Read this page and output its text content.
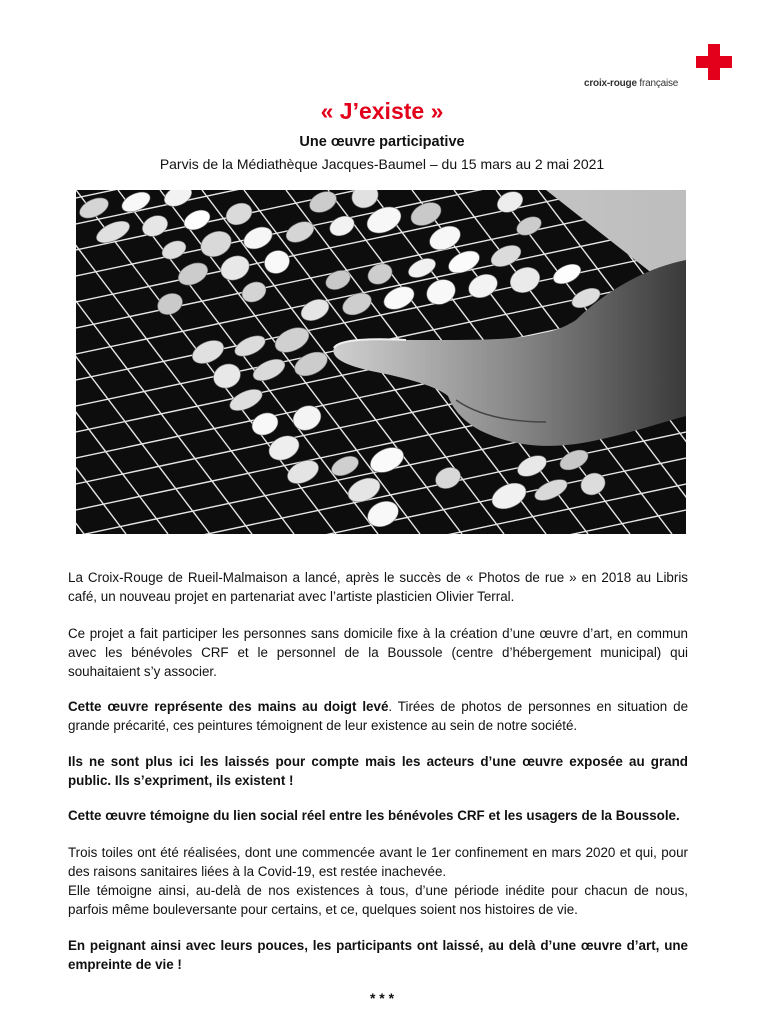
croix-rouge française
« J’existe »
Une œuvre participative
Parvis de la Médiathèque Jacques-Baumel – du 15 mars au 2 mai 2021

La Croix-Rouge de Rueil-Malmaison a lancé, après le succès de « Photos de rue » en 2018 au Libris café, un nouveau projet en partenariat avec l’artiste plasticien Olivier Terral.

Ce projet a fait participer les personnes sans domicile fixe à la création d’une œuvre d’art, en commun avec les bénévoles CRF et le personnel de la Boussole (centre d’hébergement municipal) qui souhaitaient s’y associer.

Cette œuvre représente des mains au doigt levé. Tirées de photos de personnes en situation de grande précarité, ces peintures témoignent de leur existence au sein de notre société.

Ils ne sont plus ici les laissés pour compte mais les acteurs d’une œuvre exposée au grand public. Ils s’expriment, ils existent !

Cette œuvre témoigne du lien social réel entre les bénévoles CRF et les usagers de la Boussole.

Trois toiles ont été réalisées, dont une commencée avant le 1er confinement en mars 2020 et qui, pour des raisons sanitaires liées à la Covid-19, est restée inachevée.

Elle témoigne ainsi, au-delà de nos existences à tous, d’une période inédite pour chacun de nous, parfois même bouleversante pour certains, et ce, quelques soient nos histoires de vie.

En peignant ainsi avec leurs pouces, les participants ont laissé, au delà d’une œuvre d’art, une empreinte de vie !

* * *
